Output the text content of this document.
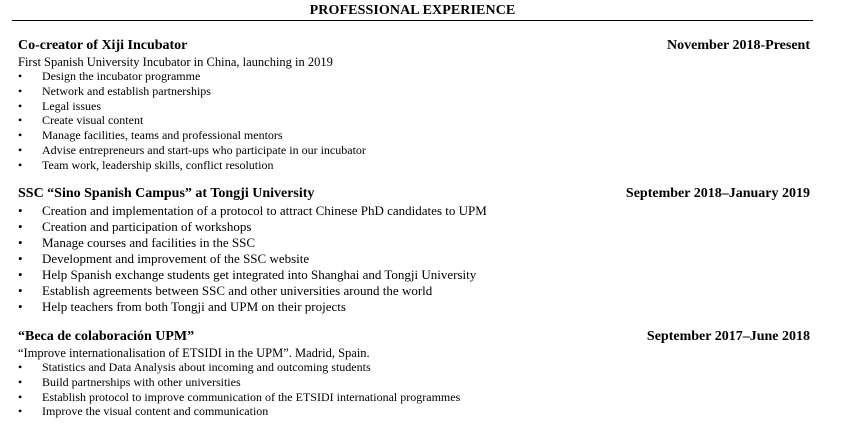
PROFESSIONAL EXPERIENCE
Co-creator of Xiji Incubator	November 2018-Present
First Spanish University Incubator in China, launching in 2019
• Design the incubator programme
• Network and establish partnerships
• Legal issues
• Create visual content
• Manage facilities, teams and professional mentors
• Advise entrepreneurs and start-ups who participate in our incubator
• Team work, leadership skills, conflict resolution
SSC “Sino Spanish Campus” at Tongji University	September 2018–January 2019
• Creation and implementation of a protocol to attract Chinese PhD candidates to UPM
• Creation and participation of workshops
• Manage courses and facilities in the SSC
• Development and improvement of the SSC website
• Help Spanish exchange students get integrated into Shanghai and Tongji University
• Establish agreements between SSC and other universities around the world
• Help teachers from both Tongji and UPM on their projects
“Beca de colaboración UPM”	September 2017–June 2018
“Improve internationalisation of ETSIDI in the UPM”. Madrid, Spain.
• Statistics and Data Analysis about incoming and outcoming students
• Build partnerships with other universities
• Establish protocol to improve communication of the ETSIDI international programmes
• Improve the visual content and communication
